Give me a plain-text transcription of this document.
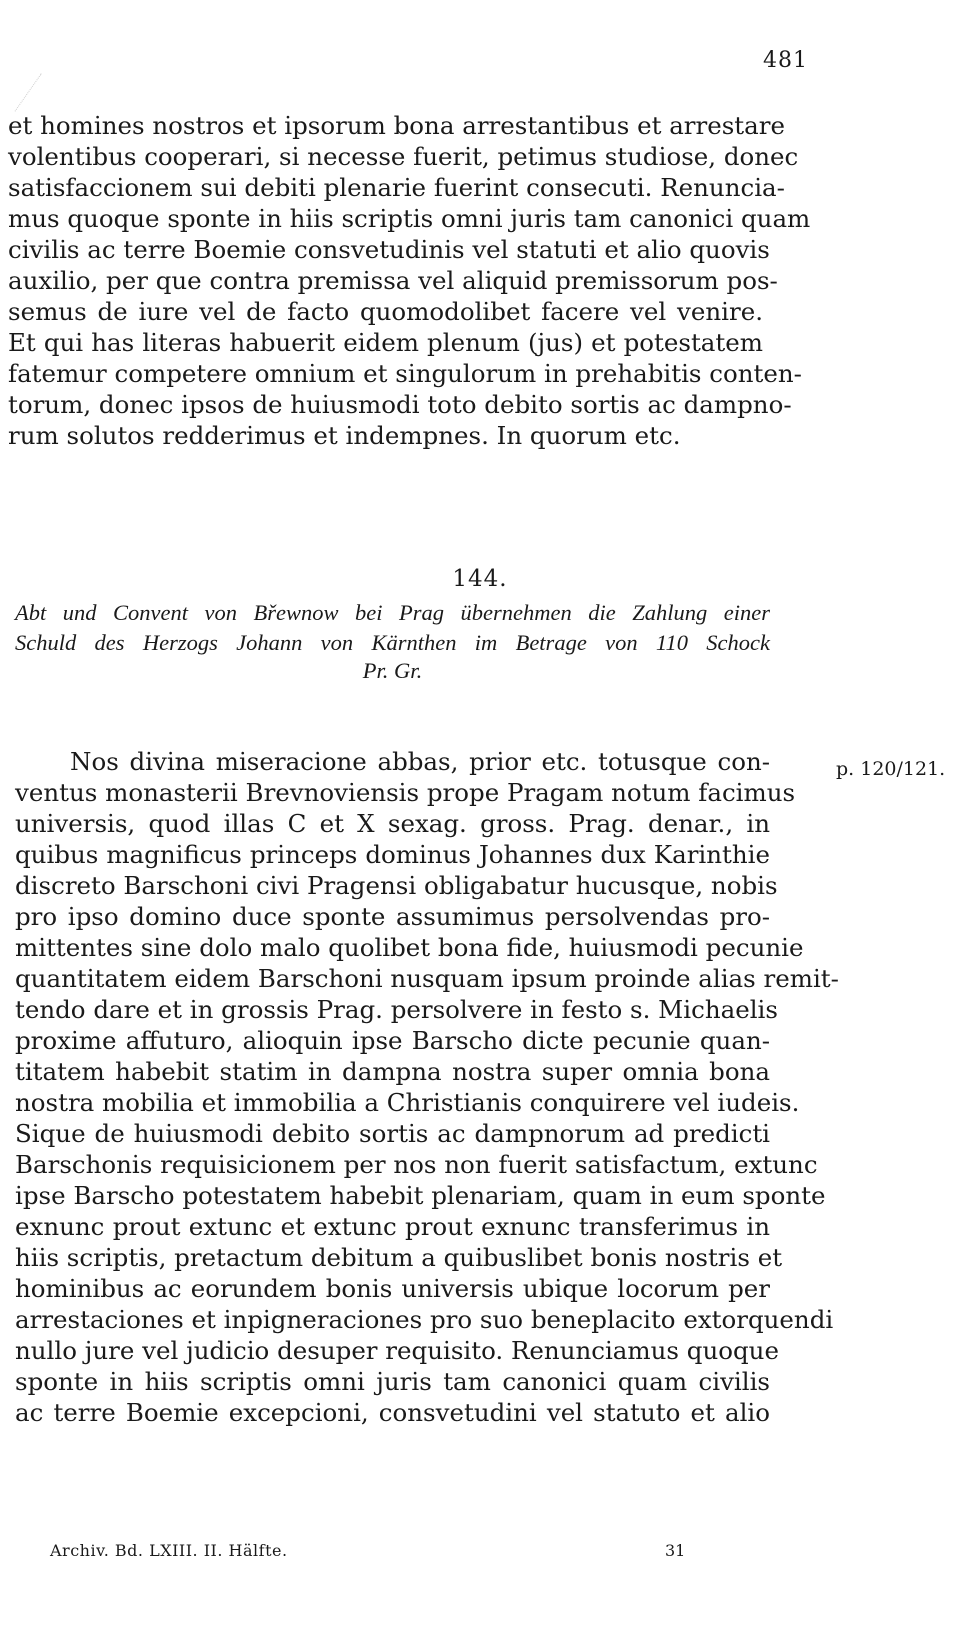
481
et homines nostros et ipsorum bona arrestantibus et arrestare
volentibus cooperari, si necesse fuerit, petimus studiose, donec
satisfaccionem sui debiti plenarie fuerint consecuti. Renuncia-
mus quoque sponte in hiis scriptis omni juris tam canonici quam
civilis ac terre Boemie consvetudinis vel statuti et alio quovis
auxilio, per que contra premissa vel aliquid premissorum pos-
semus de iure vel de facto quomodolibet facere vel venire.
Et qui has literas habuerit eidem plenum (jus) et potestatem
fatemur competere omnium et singulorum in prehabitis conten-
torum, donec ipsos de huiusmodi toto debito sortis ac dampno-
rum solutos redderimus et indempnes. In quorum etc.
144.
Abt und Convent von Břewnow bei Prag übernehmen die Zahlung einer
Schuld des Herzogs Johann von Kärnthen im Betrage von 110 Schock
Pr. Gr.
p. 120/121.
Nos divina miseracione abbas, prior etc. totusque con-
ventus monasterii Brevnoviensis prope Pragam notum facimus
universis, quod illas C et X sexag. gross. Prag. denar., in
quibus magnificus princeps dominus Johannes dux Karinthie
discreto Barschoni civi Pragensi obligabatur hucusque, nobis
pro ipso domino duce sponte assumimus persolvendas pro-
mittentes sine dolo malo quolibet bona fide, huiusmodi pecunie
quantitatem eidem Barschoni nusquam ipsum proinde alias remit-
tendo dare et in grossis Prag. persolvere in festo s. Michaelis
proxime affuturo, alioquin ipse Barscho dicte pecunie quan-
titatem habebit statim in dampna nostra super omnia bona
nostra mobilia et immobilia a Christianis conquirere vel iudeis.
Sique de huiusmodi debito sortis ac dampnorum ad predicti
Barschonis requisicionem per nos non fuerit satisfactum, extunc
ipse Barscho potestatem habebit plenariam, quam in eum sponte
exnunc prout extunc et extunc prout exnunc transferimus in
hiis scriptis, pretactum debitum a quibuslibet bonis nostris et
hominibus ac eorundem bonis universis ubique locorum per
arrestaciones et inpigneraciones pro suo beneplacito extorquendi
nullo jure vel judicio desuper requisito. Renunciamus quoque
sponte in hiis scriptis omni juris tam canonici quam civilis
ac terre Boemie excepcioni, consvetudini vel statuto et alio
Archiv. Bd. LXIII. II. Hälfte.	31
